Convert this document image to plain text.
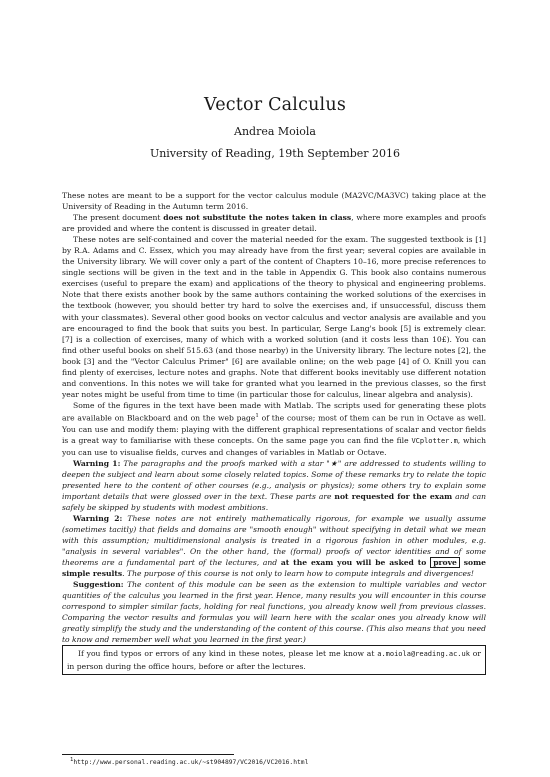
Vector Calculus
Andrea Moiola
University of Reading, 19th September 2016

These notes are meant to be a support for the vector calculus module (MA2VC/MA3VC) taking place at the University of Reading in the Autumn term 2016.

The present document does not substitute the notes taken in class, where more examples and proofs are provided and where the content is discussed in greater detail.

These notes are self-contained and cover the material needed for the exam. The suggested textbook is [1] by R.A. Adams and C. Essex, which you may already have from the first year; several copies are available in the University library. We will cover only a part of the content of Chapters 10–16, more precise references to single sections will be given in the text and in the table in Appendix G. This book also contains numerous exercises (useful to prepare the exam) and applications of the theory to physical and engineering problems. Note that there exists another book by the same authors containing the worked solutions of the exercises in the textbook (however, you should better try hard to solve the exercises and, if unsuccessful, discuss them with your classmates). Several other good books on vector calculus and vector analysis are available and you are encouraged to find the book that suits you best. In particular, Serge Lang's book [5] is extremely clear. [7] is a collection of exercises, many of which with a worked solution (and it costs less than 10£). You can find other useful books on shelf 515.63 (and those nearby) in the University library. The lecture notes [2], the book [3] and the "Vector Calculus Primer" [6] are available online; on the web page [4] of O. Knill you can find plenty of exercises, lecture notes and graphs. Note that different books inevitably use different notation and conventions. In this notes we will take for granted what you learned in the previous classes, so the first year notes might be useful from time to time (in particular those for calculus, linear algebra and analysis).

Some of the figures in the text have been made with Matlab. The scripts used for generating these plots are available on Blackboard and on the web page$^1$ of the course; most of them can be run in Octave as well. You can use and modify them: playing with the different graphical representations of scalar and vector fields is a great way to familiarise with these concepts. On the same page you can find the file VCplotter.m, which you can use to visualise fields, curves and changes of variables in Matlab or Octave.

Warning 1: The paragraphs and the proofs marked with a star "★" are addressed to students willing to deepen the subject and learn about some closely related topics. Some of these remarks try to relate the topic presented here to the content of other courses (e.g., analysis or physics); some others try to explain some important details that were glossed over in the text. These parts are not requested for the exam and can safely be skipped by students with modest ambitions.

Warning 2: These notes are not entirely mathematically rigorous, for example we usually assume (sometimes tacitly) that fields and domains are "smooth enough" without specifying in detail what we mean with this assumption; multidimensional analysis is treated in a rigorous fashion in other modules, e.g. "analysis in several variables". On the other hand, the (formal) proofs of vector identities and of some theorems are a fundamental part of the lectures, and at the exam you will be asked to prove some simple results. The purpose of this course is not only to learn how to compute integrals and divergences!

Suggestion: The content of this module can be seen as the extension to multiple variables and vector quantities of the calculus you learned in the first year. Hence, many results you will encounter in this course correspond to simpler similar facts, holding for real functions, you already know well from previous classes. Comparing the vector results and formulas you will learn here with the scalar ones you already know will greatly simplify the study and the understanding of the content of this course. (This also means that you need to know and remember well what you learned in the first year.)

If you find typos or errors of any kind in these notes, please let me know at a.moiola@reading.ac.uk or in person during the office hours, before or after the lectures.

$^1$http://www.personal.reading.ac.uk/~st904897/VC2016/VC2016.html
